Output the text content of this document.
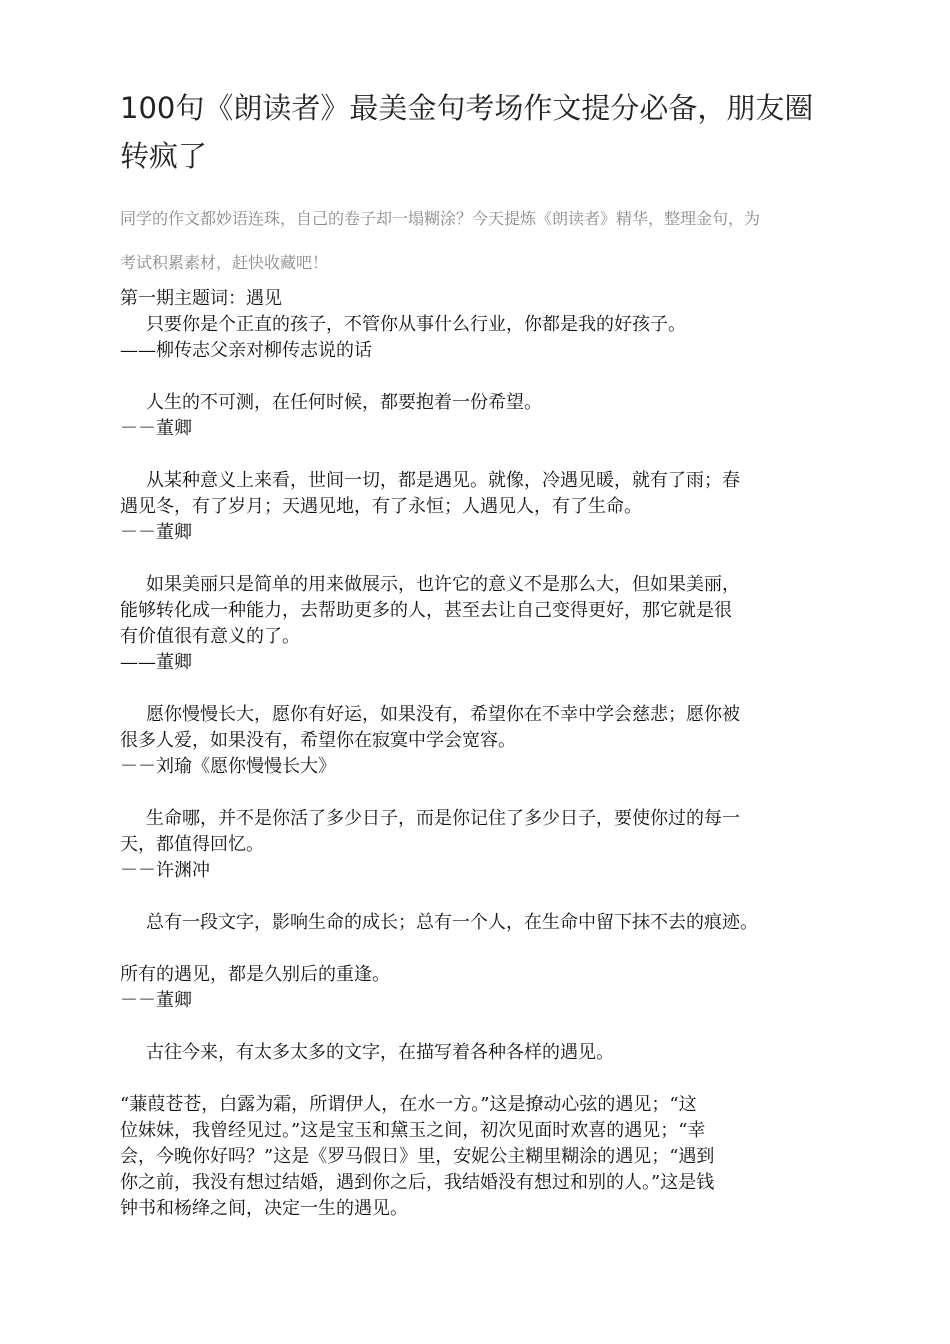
100句《朗读者》最美金句考场作文提分必备，朋友圈
转疯了
同学的作文都妙语连珠，自己的卷子却一塌糊涂？今天提炼《朗读者》精华，整理金句，为
考试积累素材，赶快收藏吧！
第一期主题词：遇见
只要你是个正直的孩子，不管你从事什么行业，你都是我的好孩子。
——柳传志父亲对柳传志说的话
人生的不可测，在任何时候，都要抱着一份希望。
－－董卿
从某种意义上来看，世间一切，都是遇见。就像，冷遇见暖，就有了雨；春
遇见冬，有了岁月；天遇见地，有了永恒；人遇见人，有了生命。
－－董卿
如果美丽只是简单的用来做展示，也许它的意义不是那么大，但如果美丽，
能够转化成一种能力，去帮助更多的人，甚至去让自己变得更好，那它就是很
有价值很有意义的了。
——董卿
愿你慢慢长大，愿你有好运，如果没有，希望你在不幸中学会慈悲；愿你被
很多人爱，如果没有，希望你在寂寞中学会宽容。
－－刘瑜《愿你慢慢长大》
生命哪，并不是你活了多少日子，而是你记住了多少日子，要使你过的每一
天，都值得回忆。
－－许渊冲
总有一段文字，影响生命的成长；总有一个人，在生命中留下抹不去的痕迹。
所有的遇见，都是久别后的重逢。
－－董卿
古往今来，有太多太多的文字，在描写着各种各样的遇见。
“蒹葭苍苍，白露为霜，所谓伊人，在水一方。”这是撩动心弦的遇见；“这
位妹妹，我曾经见过。”这是宝玉和黛玉之间，初次见面时欢喜的遇见；“幸
会，今晚你好吗？”这是《罗马假日》里，安妮公主糊里糊涂的遇见；“遇到
你之前，我没有想过结婚，遇到你之后，我结婚没有想过和别的人。”这是钱
钟书和杨绛之间，决定一生的遇见。
